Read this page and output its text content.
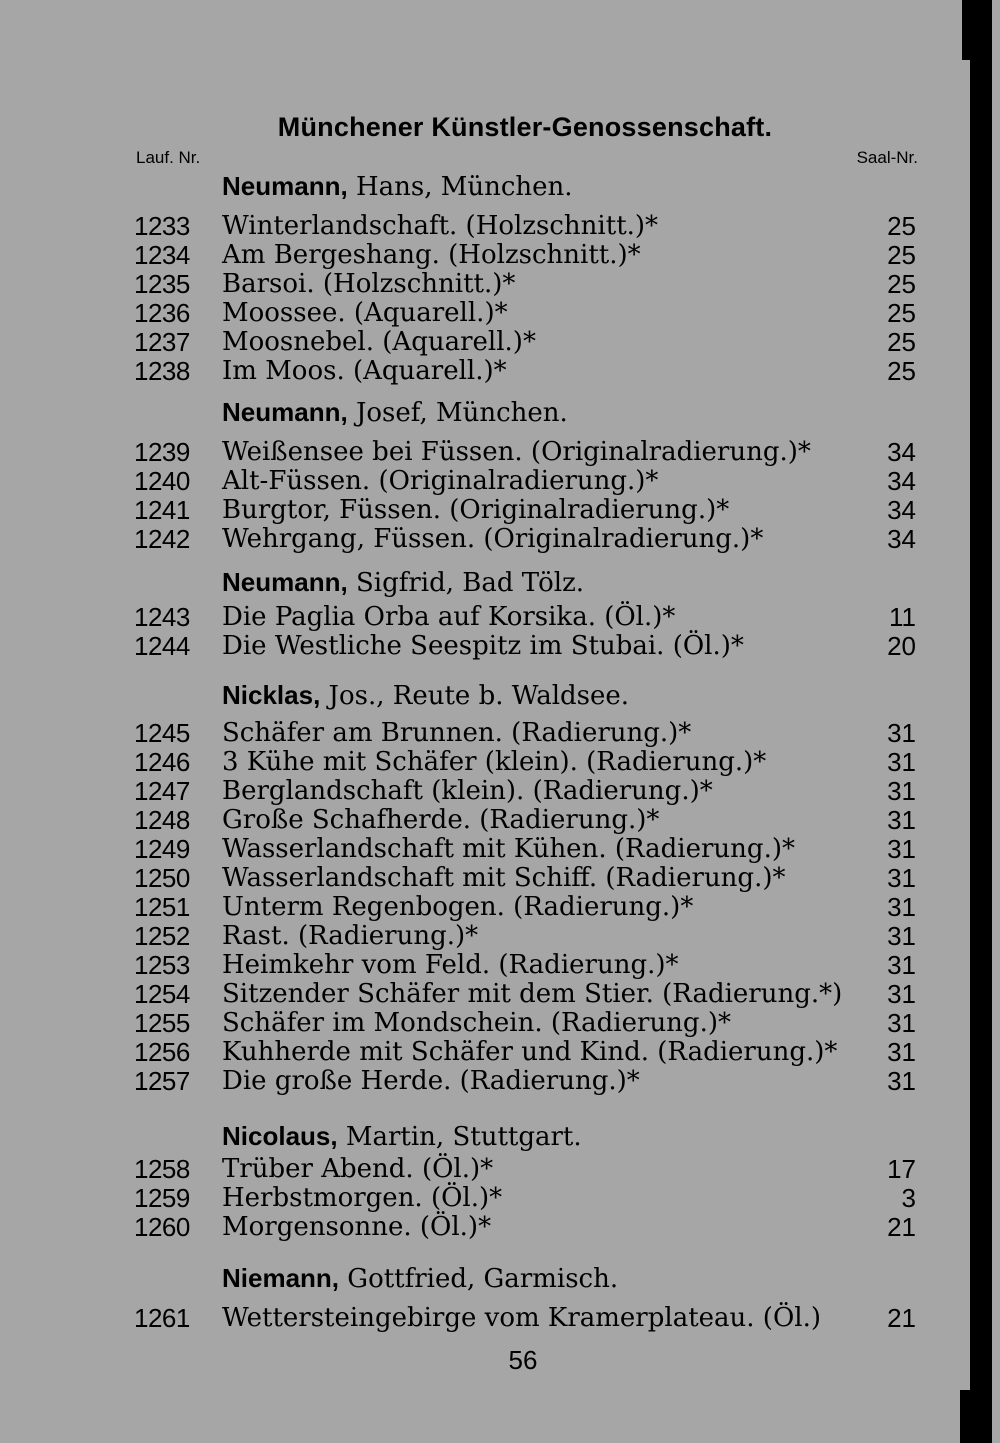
Münchener Künstler-Genossenschaft.
Lauf. Nr.	Saal-Nr.
Neumann, Hans, München.
1233	Winterlandschaft. (Holzschnitt.)*	25
1234	Am Bergeshang. (Holzschnitt.)*	25
1235	Barsoi. (Holzschnitt.)*	25
1236	Moossee. (Aquarell.)*	25
1237	Moosnebel. (Aquarell.)*	25
1238	Im Moos. (Aquarell.)*	25
Neumann, Josef, München.
1239	Weißensee bei Füssen. (Originalradierung.)*	34
1240	Alt-Füssen. (Originalradierung.)*	34
1241	Burgtor, Füssen. (Originalradierung.)*	34
1242	Wehrgang, Füssen. (Originalradierung.)*	34
Neumann, Sigfrid, Bad Tölz.
1243	Die Paglia Orba auf Korsika. (Öl.)*	11
1244	Die Westliche Seespitz im Stubai. (Öl.)*	20
Nicklas, Jos., Reute b. Waldsee.
1245	Schäfer am Brunnen. (Radierung.)*	31
1246	3 Kühe mit Schäfer (klein). (Radierung.)*	31
1247	Berglandschaft (klein). (Radierung.)*	31
1248	Große Schafherde. (Radierung.)*	31
1249	Wasserlandschaft mit Kühen. (Radierung.)*	31
1250	Wasserlandschaft mit Schiff. (Radierung.)*	31
1251	Unterm Regenbogen. (Radierung.)*	31
1252	Rast. (Radierung.)*	31
1253	Heimkehr vom Feld. (Radierung.)*	31
1254	Sitzender Schäfer mit dem Stier. (Radierung.*) 31
1255	Schäfer im Mondschein. (Radierung.)*	31
1256	Kuhherde mit Schäfer und Kind. (Radierung.)* 31
1257	Die große Herde. (Radierung.)*	31
Nicolaus, Martin, Stuttgart.
1258	Trüber Abend. (Öl.)*	17
1259	Herbstmorgen. (Öl.)*	3
1260	Morgensonne. (Öl.)*	21
Niemann, Gottfried, Garmisch.
1261	Wettersteingebirge vom Kramerplateau. (Öl.)	21
56
